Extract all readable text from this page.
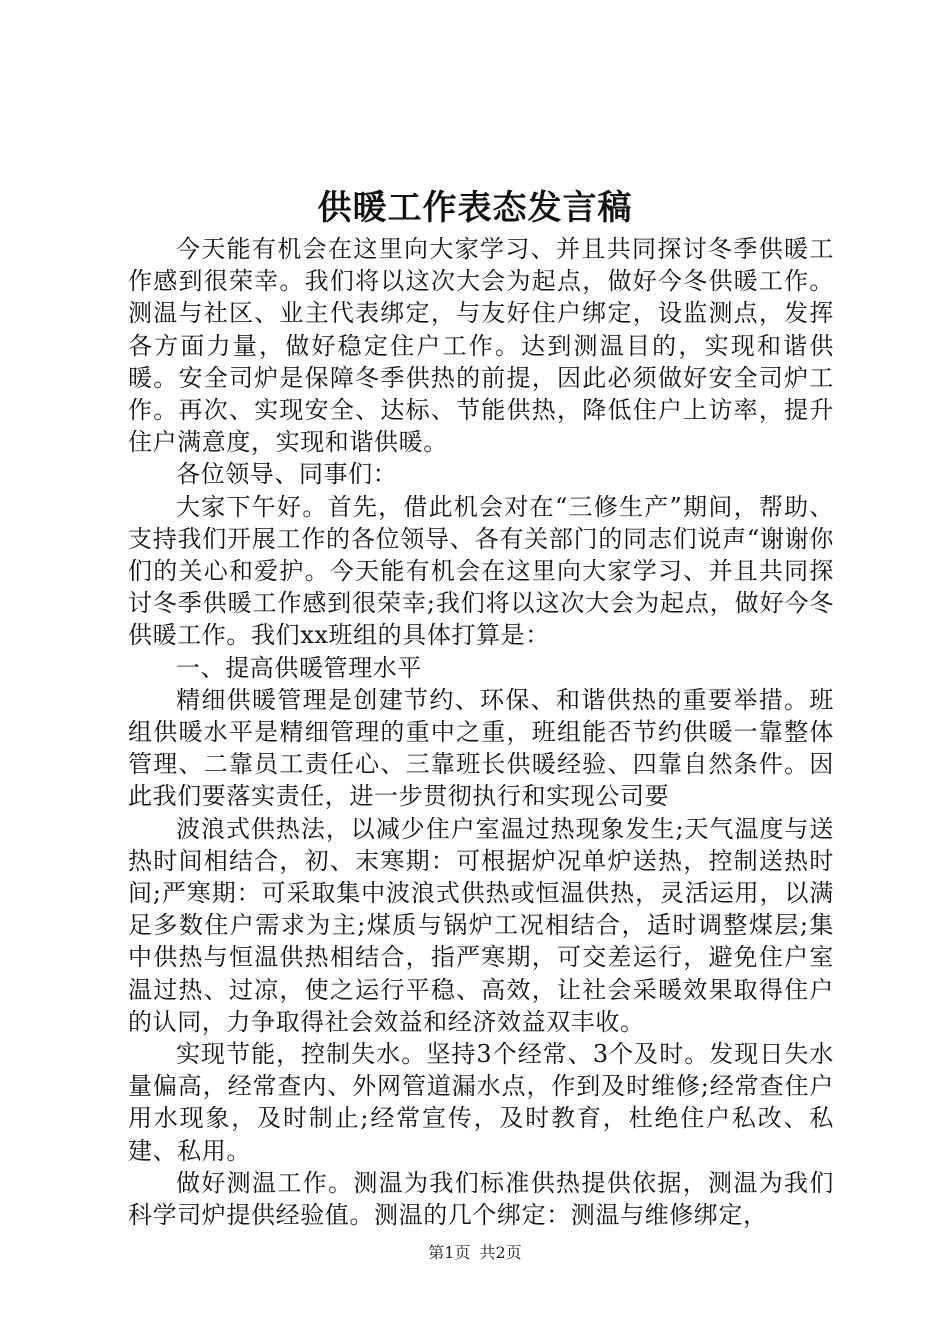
供暖工作表态发言稿

今天能有机会在这里向大家学习、并且共同探讨冬季供暖工作感到很荣幸。我们将以这次大会为起点，做好今冬供暖工作。测温与社区、业主代表绑定，与友好住户绑定，设监测点，发挥各方面力量，做好稳定住户工作。达到测温目的，实现和谐供暖。安全司炉是保障冬季供热的前提，因此必须做好安全司炉工作。再次、实现安全、达标、节能供热，降低住户上访率，提升住户满意度，实现和谐供暖。

各位领导、同事们：

大家下午好。首先，借此机会对在“三修生产”期间，帮助、支持我们开展工作的各位领导、各有关部门的同志们说声“谢谢你们的关心和爱护。今天能有机会在这里向大家学习、并且共同探讨冬季供暖工作感到很荣幸;我们将以这次大会为起点，做好今冬供暖工作。我们xx班组的具体打算是：

一、提高供暖管理水平

精细供暖管理是创建节约、环保、和谐供热的重要举措。班组供暖水平是精细管理的重中之重，班组能否节约供暖一靠整体管理、二靠员工责任心、三靠班长供暖经验、四靠自然条件。因此我们要落实责任，进一步贯彻执行和实现公司要

波浪式供热法，以减少住户室温过热现象发生;天气温度与送热时间相结合，初、末寒期：可根据炉况单炉送热，控制送热时间;严寒期：可采取集中波浪式供热或恒温供热，灵活运用，以满足多数住户需求为主;煤质与锅炉工况相结合，适时调整煤层;集中供热与恒温供热相结合，指严寒期，可交差运行，避免住户室温过热、过凉，使之运行平稳、高效，让社会采暖效果取得住户的认同，力争取得社会效益和经济效益双丰收。

实现节能，控制失水。坚持3个经常、3个及时。发现日失水量偏高，经常查内、外网管道漏水点，作到及时维修;经常查住户用水现象，及时制止;经常宣传，及时教育，杜绝住户私改、私建、私用。

做好测温工作。测温为我们标准供热提供依据，测温为我们科学司炉提供经验值。测温的几个绑定：测温与维修绑定，

第1页 共2页
